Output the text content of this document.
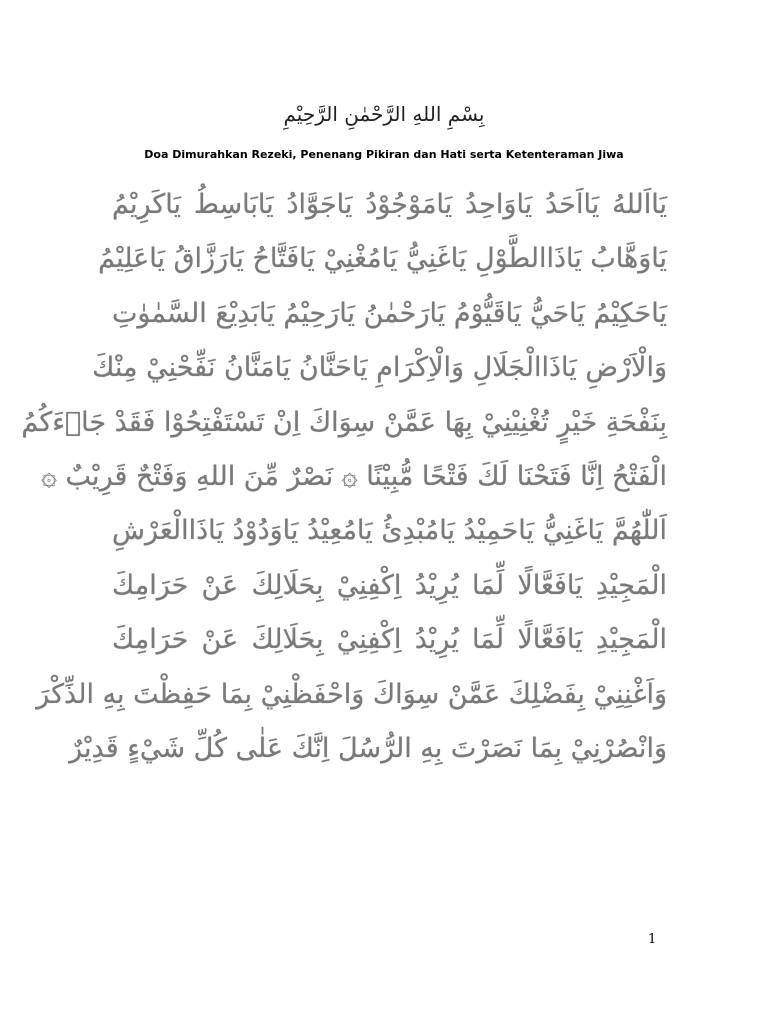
بِسْمِ اللهِ الرَّحْمٰنِ الرَّحِيْمِ
Doa Dimurahkan Rezeki, Penenang Pikiran dan Hati serta Ketenteraman Jiwa
يَااَللهُ يَااَحَدُ يَاوَاحِدُ يَامَوْجُوْدُ يَاجَوَّادُ يَابَاسِطُ يَاكَرِيْمُ
يَاوَهَّابُ يَاذَاالطَّوْلِ يَاغَنِيُّ يَامُغْنِيْ يَافَتَّاحُ يَارَزَّاقُ يَاعَلِيْمُ
يَاحَكِيْمُ يَاحَيُّ يَاقَيُّوْمُ يَارَحْمٰنُ يَارَحِيْمُ يَابَدِيْعَ السَّمٰوٰتِ
وَالْاَرْضِ يَاذَاالْجَلَالِ وَالْاِكْرَامِ يَاحَنَّانُ يَامَنَّانُ نَفِّحْنِيْ مِنْكَ
بِنَفْحَةِ خَيْرٍ تُغْنِيْنِيْ بِهَا عَمَّنْ سِوَاكَ اِنْ تَسْتَفْتِحُوْا فَقَدْ جَاۤءَكُمُ
الْفَتْحُ اِنَّا فَتَحْنَا لَكَ فَتْحًا مُّبِيْنًا ۞ نَصْرٌ مِّنَ اللهِ وَفَتْحٌ قَرِيْبٌ ۞
اَللّٰهُمَّ يَاغَنِيُّ يَاحَمِيْدُ يَامُبْدِئُ يَامُعِيْدُ يَاوَدُوْدُ يَاذَاالْعَرْشِ
الْمَجِيْدِ يَافَعَّالًا لِّمَا يُرِيْدُ اِكْفِنِيْ بِحَلَالِكَ عَنْ حَرَامِكَ
الْمَجِيْدِ يَافَعَّالًا لِّمَا يُرِيْدُ اِكْفِنِيْ بِحَلَالِكَ عَنْ حَرَامِكَ
وَاَغْنِنِيْ بِفَضْلِكَ عَمَّنْ سِوَاكَ وَاحْفَظْنِيْ بِمَا حَفِظْتَ بِهِ الذِّكْرَ
وَانْصُرْنِيْ بِمَا نَصَرْتَ بِهِ الرُّسُلَ اِنَّكَ عَلٰى كُلِّ شَيْءٍ قَدِيْرٌ
1
